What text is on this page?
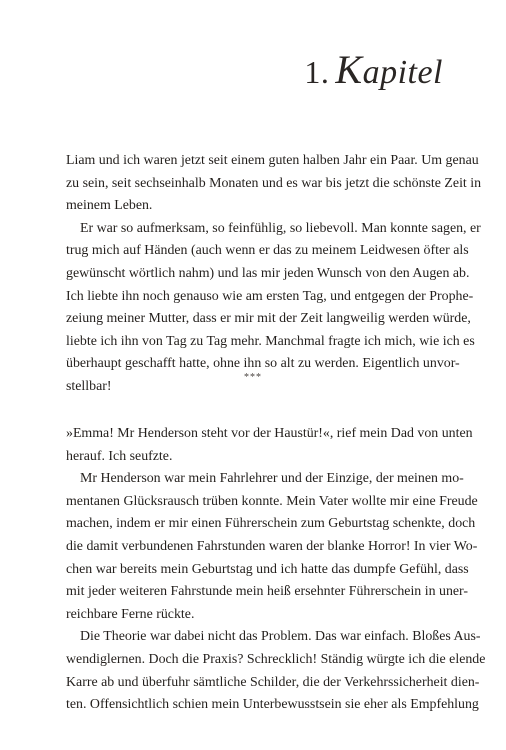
1. Kapitel

Liam und ich waren jetzt seit einem guten halben Jahr ein Paar. Um genau
zu sein, seit sechseinhalb Monaten und es war bis jetzt die schönste Zeit in
meinem Leben.

Er war so aufmerksam, so feinfühlig, so liebevoll. Man konnte sagen, er
trug mich auf Händen (auch wenn er das zu meinem Leidwesen öfter als
gewünscht wörtlich nahm) und las mir jeden Wunsch von den Augen ab.
Ich liebte ihn noch genauso wie am ersten Tag, und entgegen der Prophe-
zeiung meiner Mutter, dass er mir mit der Zeit langweilig werden würde,
liebte ich ihn von Tag zu Tag mehr. Manchmal fragte ich mich, wie ich es
überhaupt geschafft hatte, ohne ihn so alt zu werden. Eigentlich unvor-
stellbar!

***

»Emma! Mr Henderson steht vor der Haustür!«, rief mein Dad von unten
herauf. Ich seufzte.

Mr Henderson war mein Fahrlehrer und der Einzige, der meinen mo-
mentanen Glücksrausch trüben konnte. Mein Vater wollte mir eine Freude
machen, indem er mir einen Führerschein zum Geburtstag schenkte, doch
die damit verbundenen Fahrstunden waren der blanke Horror! In vier Wo-
chen war bereits mein Geburtstag und ich hatte das dumpfe Gefühl, dass
mit jeder weiteren Fahrstunde mein heiß ersehnter Führerschein in uner-
reichbare Ferne rückte.

Die Theorie war dabei nicht das Problem. Das war einfach. Bloßes Aus-
wendiglernen. Doch die Praxis? Schrecklich! Ständig würgte ich die elende
Karre ab und überfuhr sämtliche Schilder, die der Verkehrssicherheit dien-
ten. Offensichtlich schien mein Unterbewusstsein sie eher als Empfehlung
